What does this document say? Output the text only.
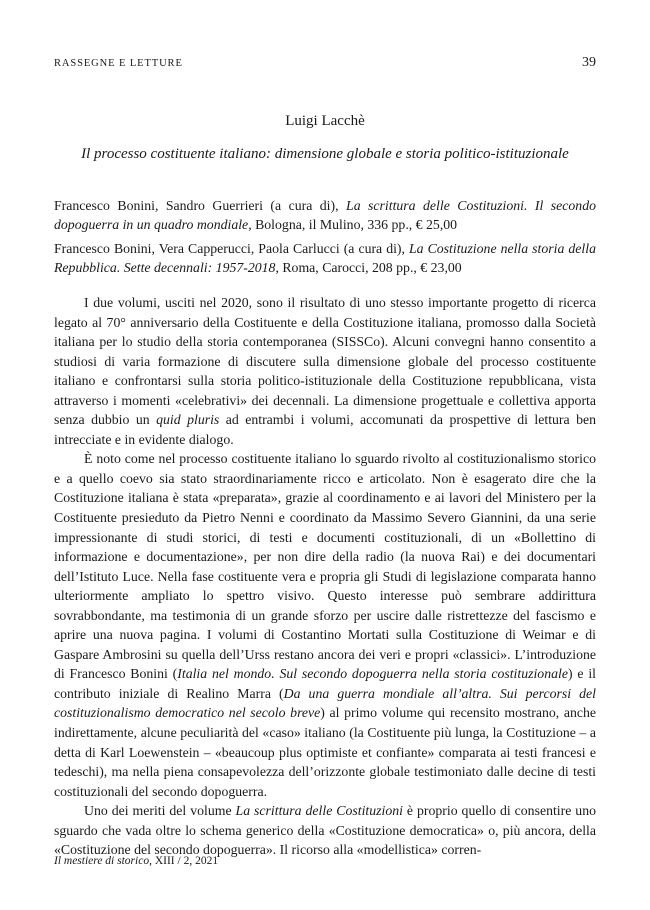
RASSEGNE E LETTURE	39
Luigi Lacchè
Il processo costituente italiano: dimensione globale e storia politico-istituzionale

Francesco Bonini, Sandro Guerrieri (a cura di), La scrittura delle Costituzioni. Il secondo dopoguerra in un quadro mondiale, Bologna, il Mulino, 336 pp., € 25,00

Francesco Bonini, Vera Capperucci, Paola Carlucci (a cura di), La Costituzione nella storia della Repubblica. Sette decennali: 1957-2018, Roma, Carocci, 208 pp., € 23,00

I due volumi, usciti nel 2020, sono il risultato di uno stesso importante progetto di ricerca legato al 70° anniversario della Costituente e della Costituzione italiana, promosso dalla Società italiana per lo studio della storia contemporanea (SISSCo). Alcuni convegni hanno consentito a studiosi di varia formazione di discutere sulla dimensione globale del processo costituente italiano e confrontarsi sulla storia politico-istituzionale della Costituzione repubblicana, vista attraverso i momenti «celebrativi» dei decennali. La dimensione progettuale e collettiva apporta senza dubbio un quid pluris ad entrambi i volumi, accomunati da prospettive di lettura ben intrecciate e in evidente dialogo.

È noto come nel processo costituente italiano lo sguardo rivolto al costituzionalismo storico e a quello coevo sia stato straordinariamente ricco e articolato. Non è esagerato dire che la Costituzione italiana è stata «preparata», grazie al coordinamento e ai lavori del Ministero per la Costituente presieduto da Pietro Nenni e coordinato da Massimo Severo Giannini, da una serie impressionante di studi storici, di testi e documenti costituzionali, di un «Bollettino di informazione e documentazione», per non dire della radio (la nuova Rai) e dei documentari dell’Istituto Luce. Nella fase costituente vera e propria gli Studi di legislazione comparata hanno ulteriormente ampliato lo spettro visivo. Questo interesse può sembrare addirittura sovrabbondante, ma testimonia di un grande sforzo per uscire dalle ristrettezze del fascismo e aprire una nuova pagina. I volumi di Costantino Mortati sulla Costituzione di Weimar e di Gaspare Ambrosini su quella dell’Urss restano ancora dei veri e propri «classici». L’introduzione di Francesco Bonini (Italia nel mondo. Sul secondo dopoguerra nella storia costituzionale) e il contributo iniziale di Realino Marra (Da una guerra mondiale all’altra. Sui percorsi del costituzionalismo democratico nel secolo breve) al primo volume qui recensito mostrano, anche indirettamente, alcune peculiarità del «caso» italiano (la Costituente più lunga, la Costituzione – a detta di Karl Loewenstein – «beaucoup plus optimiste et confiante» comparata ai testi francesi e tedeschi), ma nella piena consapevolezza dell’orizzonte globale testimoniato dalle decine di testi costituzionali del secondo dopoguerra.

Uno dei meriti del volume La scrittura delle Costituzioni è proprio quello di consentire uno sguardo che vada oltre lo schema generico della «Costituzione democratica» o, più ancora, della «Costituzione del secondo dopoguerra». Il ricorso alla «modellistica» corren-

Il mestiere di storico, XIII / 2, 2021
